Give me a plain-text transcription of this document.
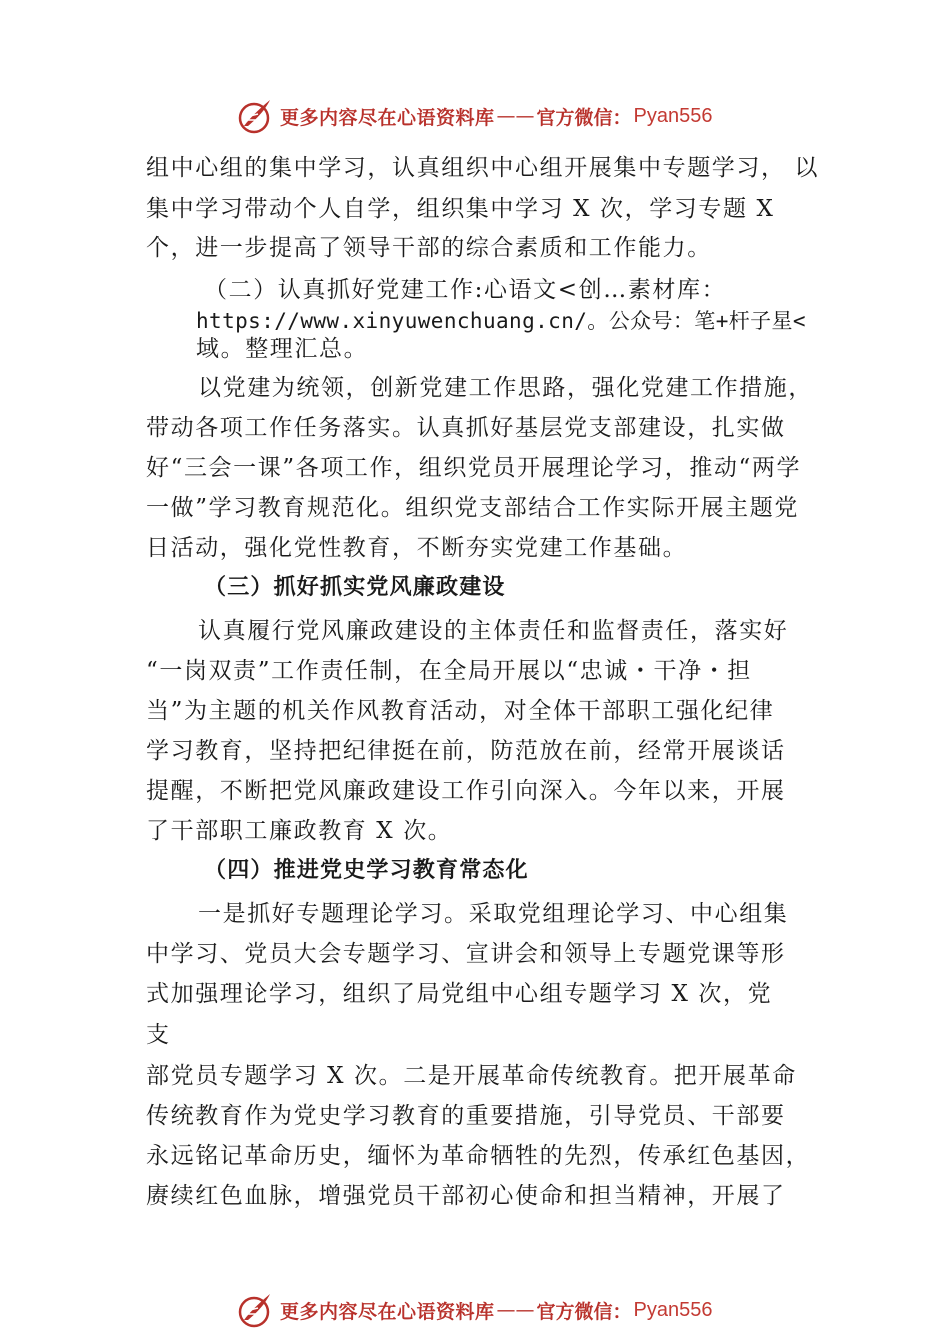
更多内容尽在心语资料库 —— 官方微信： Pyan556
组中心组的集中学习，认真组织中心组开展集中专题学习， 以
集中学习带动个人自学，组织集中学习 X 次，学习专题 X
个，进一步提高了领导干部的综合素质和工作能力。
（二）认真抓好党建工作:心语文<创…素材库：
https://www.xinyuwenchuang.cn/。公众号：笔+杆子星<
域。整理汇总。
以党建为统领，创新党建工作思路，强化党建工作措施，
带动各项工作任务落实。认真抓好基层党支部建设，扎实做
好“三会一课”各项工作，组织党员开展理论学习，推动“两学
一做”学习教育规范化。组织党支部结合工作实际开展主题党
日活动，强化党性教育，不断夯实党建工作基础。
（三）抓好抓实党风廉政建设
认真履行党风廉政建设的主体责任和监督责任，落实好
“一岗双责”工作责任制，在全局开展以“忠诚・干净・担
当”为主题的机关作风教育活动，对全体干部职工强化纪律
学习教育，坚持把纪律挺在前，防范放在前，经常开展谈话
提醒，不断把党风廉政建设工作引向深入。今年以来，开展
了干部职工廉政教育 X 次。
（四）推进党史学习教育常态化
一是抓好专题理论学习。采取党组理论学习、中心组集
中学习、党员大会专题学习、宣讲会和领导上专题党课等形
式加强理论学习，组织了局党组中心组专题学习 X 次，党
支
部党员专题学习 X 次。二是开展革命传统教育。把开展革命
传统教育作为党史学习教育的重要措施，引导党员、干部要
永远铭记革命历史，缅怀为革命牺牲的先烈，传承红色基因，
赓续红色血脉，增强党员干部初心使命和担当精神，开展了
更多内容尽在心语资料库 —— 官方微信： Pyan556
